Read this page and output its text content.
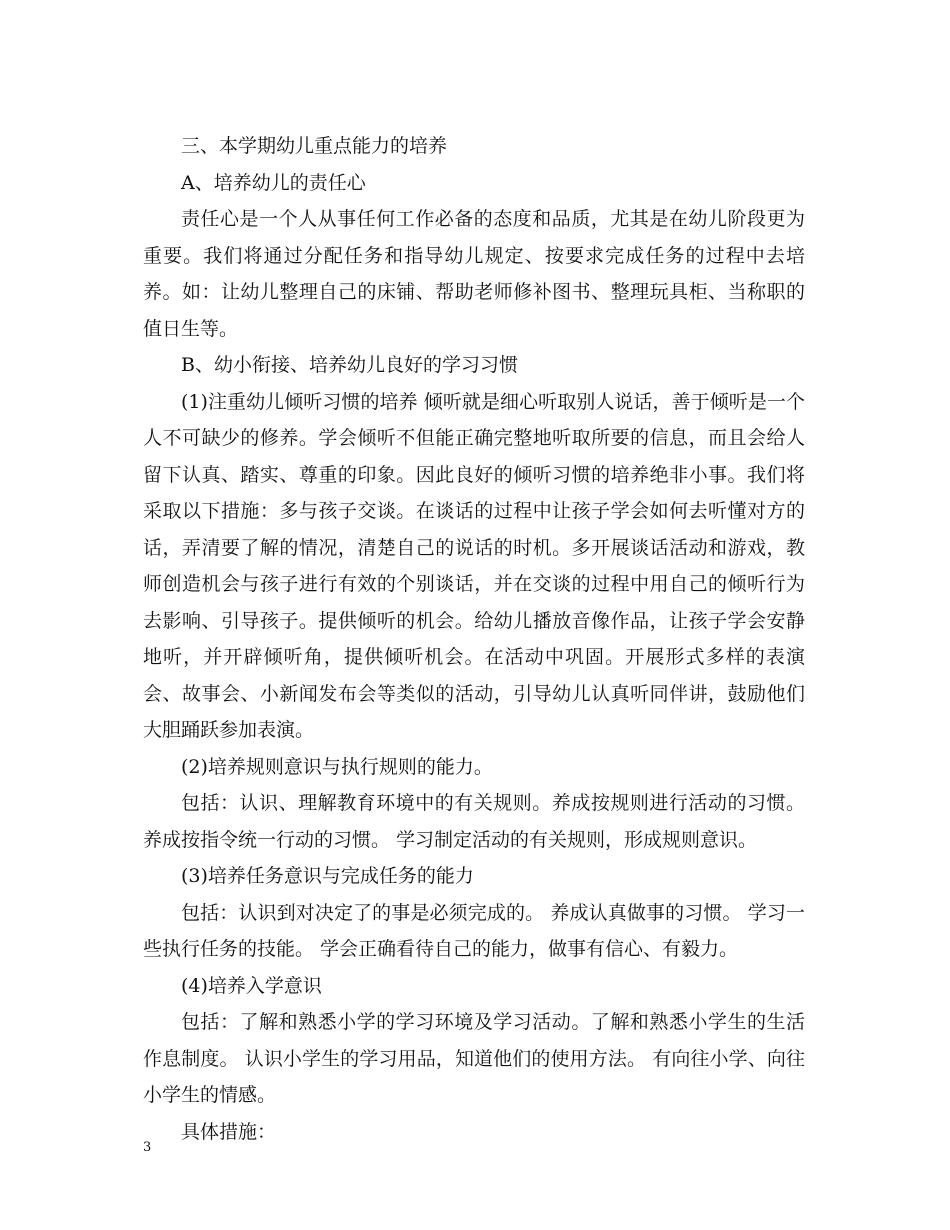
三、本学期幼儿重点能力的培养

A、培养幼儿的责任心

责任心是一个人从事任何工作必备的态度和品质，尤其是在幼儿阶段更为重要。我们将通过分配任务和指导幼儿规定、按要求完成任务的过程中去培养。如：让幼儿整理自己的床铺、帮助老师修补图书、整理玩具柜、当称职的值日生等。

B、幼小衔接、培养幼儿良好的学习习惯

(1)注重幼儿倾听习惯的培养 倾听就是细心听取别人说话，善于倾听是一个人不可缺少的修养。学会倾听不但能正确完整地听取所要的信息，而且会给人留下认真、踏实、尊重的印象。因此良好的倾听习惯的培养绝非小事。我们将采取以下措施：多与孩子交谈。在谈话的过程中让孩子学会如何去听懂对方的话，弄清要了解的情况，清楚自己的说话的时机。多开展谈话活动和游戏，教师创造机会与孩子进行有效的个别谈话，并在交谈的过程中用自己的倾听行为去影响、引导孩子。提供倾听的机会。给幼儿播放音像作品，让孩子学会安静地听，并开辟倾听角，提供倾听机会。在活动中巩固。开展形式多样的表演会、故事会、小新闻发布会等类似的活动，引导幼儿认真听同伴讲，鼓励他们大胆踊跃参加表演。

(2)培养规则意识与执行规则的能力。

包括：认识、理解教育环境中的有关规则。养成按规则进行活动的习惯。养成按指令统一行动的习惯。 学习制定活动的有关规则，形成规则意识。

(3)培养任务意识与完成任务的能力

包括：认识到对决定了的事是必须完成的。 养成认真做事的习惯。 学习一些执行任务的技能。 学会正确看待自己的能力，做事有信心、有毅力。

(4)培养入学意识

包括：了解和熟悉小学的学习环境及学习活动。了解和熟悉小学生的生活作息制度。 认识小学生的学习用品，知道他们的使用方法。 有向往小学、向往小学生的情感。

具体措施：

3
